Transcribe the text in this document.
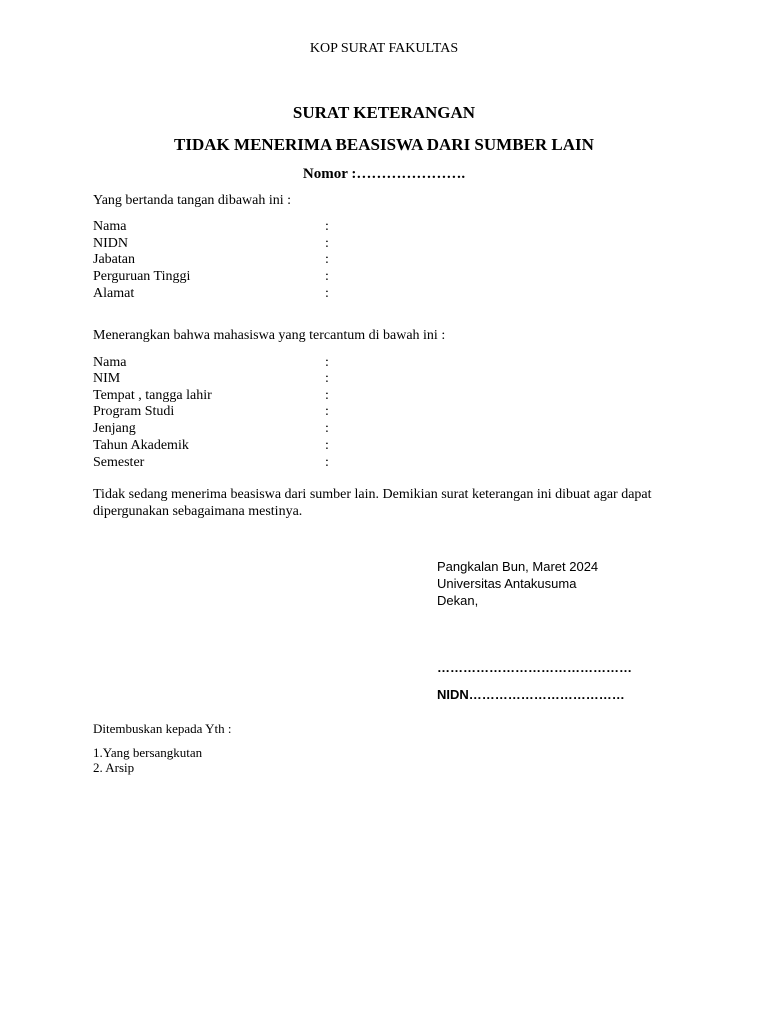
KOP SURAT FAKULTAS
SURAT KETERANGAN
TIDAK MENERIMA BEASISWA DARI SUMBER LAIN
Nomor :………………….
Yang bertanda tangan dibawah ini :
Nama	:
NIDN	:
Jabatan	:
Perguruan Tinggi	:
Alamat	:
Menerangkan bahwa mahasiswa yang tercantum di bawah ini :
Nama	:
NIM	:
Tempat , tangga lahir	:
Program Studi	:
Jenjang	:
Tahun Akademik	:
Semester	:
Tidak sedang menerima beasiswa dari sumber lain. Demikian surat keterangan ini dibuat agar dapat dipergunakan sebagaimana mestinya.
Pangkalan Bun, Maret 2024
Universitas Antakusuma
Dekan,
………………………………………
NIDN………………………………
Ditembuskan kepada Yth :
1.Yang bersangkutan
2. Arsip
